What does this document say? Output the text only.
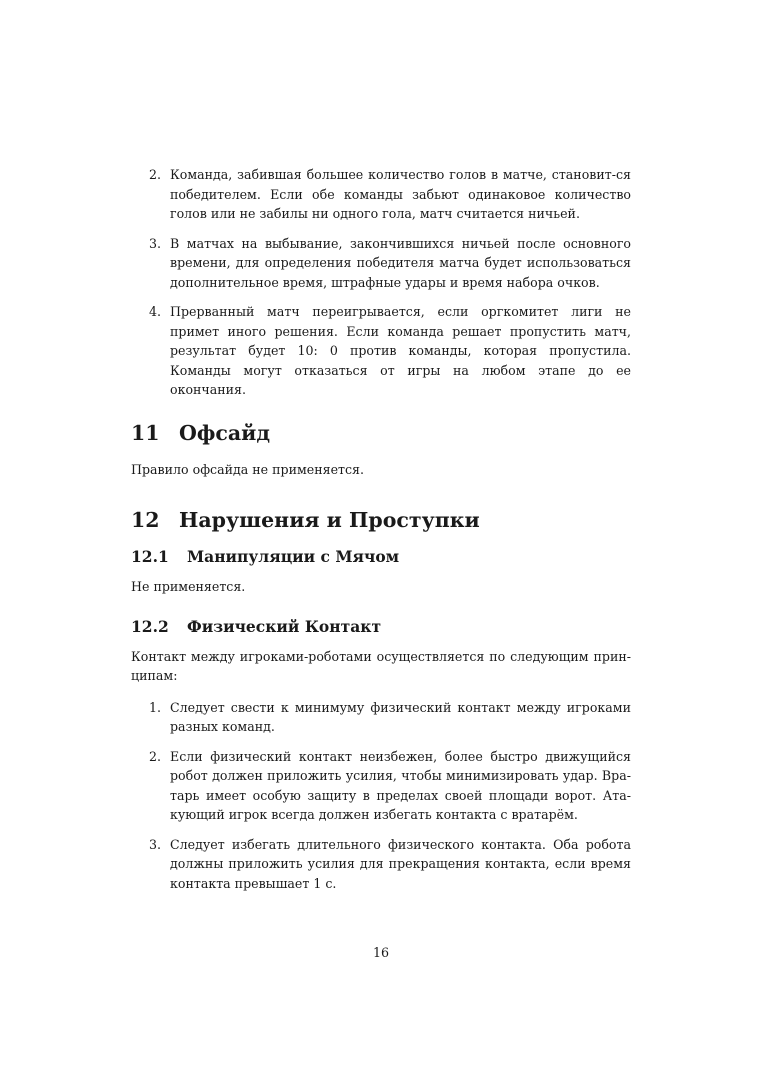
2. Команда, забившая большее количество голов в матче, становит-ся победителем. Если обе команды забьют одинаковое количество голов или не забилы ни одного гола, матч считается ничьей.
3. В матчах на выбывание, закончившихся ничьей после основного времени, для определения победителя матча будет использоваться дополнительное время, штрафные удары и время набора очков.
4. Прерванный матч переигрывается, если оргкомитет лиги не примет иного решения. Если команда решает пропустить матч, результат будет 10: 0 против команды, которая пропустила. Команды могут отказаться от игры на любом этапе до ее окончания.
11 Офсайд

Правило офсайда не применяется.

12 Нарушения и Проступки
12.1	Манипуляции с Мячом

Не применяется.

12.2	Физический Контакт

Контакт между игроками-роботами осуществляется по следующим прин-ципам:

1. Следует свести к минимуму физический контакт между игроками разных команд.
2. Если физический контакт неизбежен, более быстро движущийся робот должен приложить усилия, чтобы минимизировать удар. Вра-тарь имеет особую защиту в пределах своей площади ворот. Ата-кующий игрок всегда должен избегать контакта с вратарём.
3. Следует избегать длительного физического контакта. Оба робота должны приложить усилия для прекращения контакта, если время контакта превышает 1 с.
16
